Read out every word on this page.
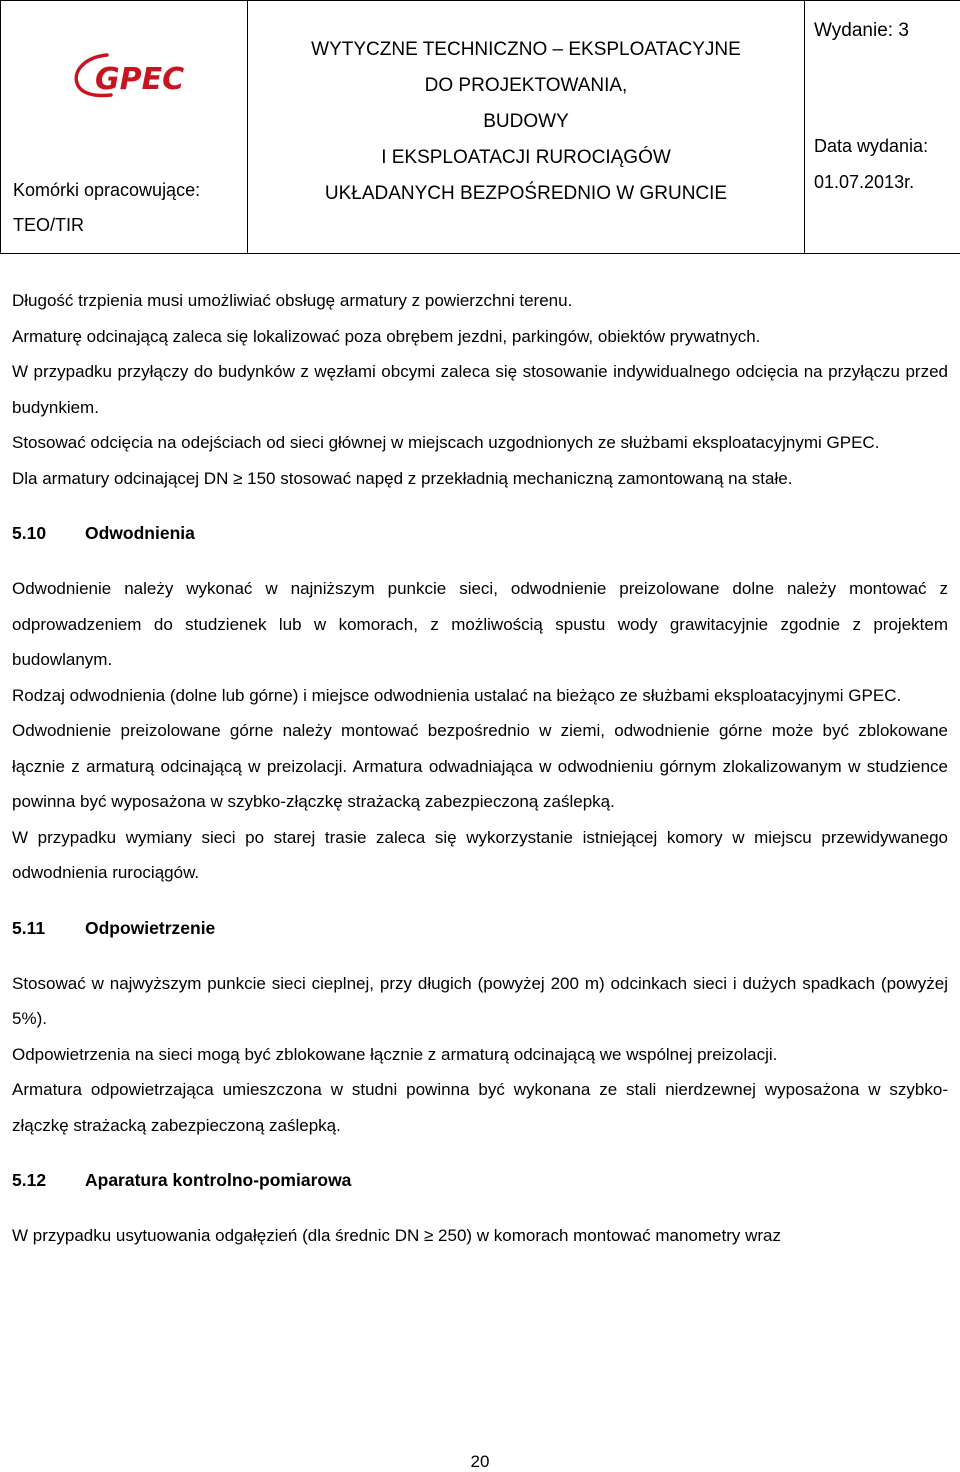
GPEC
Komórki opracowujące:
TEO/TIR

WYTYCZNE TECHNICZNO – EKSPLOATACYJNE
DO PROJEKTOWANIA,
BUDOWY
I EKSPLOATACJI RUROCIĄGÓW
UKŁADANYCH BEZPOŚREDNIO W GRUNCIE

Wydanie: 3
Data wydania:
01.07.2013r.

Długość trzpienia musi umożliwiać obsługę armatury z powierzchni terenu.

Armaturę odcinającą zaleca się lokalizować poza obrębem jezdni, parkingów, obiektów prywatnych.

W przypadku przyłączy do budynków z węzłami obcymi zaleca się stosowanie indywidualnego odcięcia na przyłączu przed budynkiem.

Stosować odcięcia na odejściach od sieci głównej w miejscach uzgodnionych ze służbami eksploatacyjnymi GPEC.

Dla armatury odcinającej DN ≥ 150 stosować napęd z przekładnią mechaniczną zamontowaną na stałe.

5.10	Odwodnienia

Odwodnienie należy wykonać w najniższym punkcie sieci, odwodnienie preizolowane dolne należy montować z odprowadzeniem do studzienek lub w komorach, z możliwością spustu wody grawitacyjnie zgodnie z projektem budowlanym.

Rodzaj odwodnienia (dolne lub górne) i miejsce odwodnienia ustalać na bieżąco ze służbami eksploatacyjnymi GPEC.

Odwodnienie preizolowane górne należy montować bezpośrednio w ziemi, odwodnienie górne może być zblokowane łącznie z armaturą odcinającą w preizolacji. Armatura odwadniająca w odwodnieniu górnym zlokalizowanym w studzience powinna być wyposażona w szybko-złączkę strażacką zabezpieczoną zaślepką.

W przypadku wymiany sieci po starej trasie zaleca się wykorzystanie istniejącej komory w miejscu przewidywanego odwodnienia rurociągów.

5.11	Odpowietrzenie

Stosować w najwyższym punkcie sieci cieplnej, przy długich (powyżej 200 m) odcinkach sieci i dużych spadkach (powyżej 5%).

Odpowietrzenia na sieci mogą być zblokowane łącznie z armaturą odcinającą we wspólnej preizolacji.

Armatura odpowietrzająca umieszczona w studni powinna być wykonana ze stali nierdzewnej wyposażona w szybko-złączkę strażacką zabezpieczoną zaślepką.

5.12	Aparatura kontrolno-pomiarowa

W przypadku usytuowania odgałęzień (dla średnic DN ≥ 250) w komorach montować manometry wraz

20
